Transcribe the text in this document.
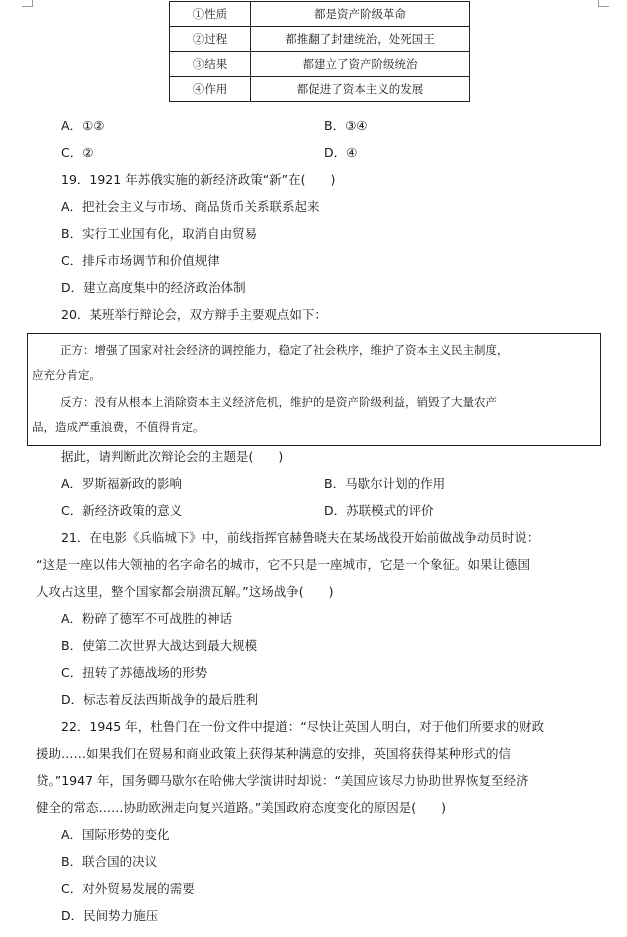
①性质	都是资产阶级革命
②过程	都推翻了封建统治，处死国王
③结果	都建立了资产阶级统治
④作用	都促进了资本主义的发展
A．①②	B．③④
C．②	D．④
19．1921 年苏俄实施的新经济政策“新”在(　　)
A．把社会主义与市场、商品货币关系联系起来
B．实行工业国有化，取消自由贸易
C．排斥市场调节和价值规律
D．建立高度集中的经济政治体制
20．某班举行辩论会，双方辩手主要观点如下：
正方：增强了国家对社会经济的调控能力，稳定了社会秩序，维护了资本主义民主制度，
应充分肯定。
反方：没有从根本上消除资本主义经济危机，维护的是资产阶级利益，销毁了大量农产
品，造成严重浪费，不值得肯定。
据此，请判断此次辩论会的主题是(　　)
A．罗斯福新政的影响	B．马歇尔计划的作用
C．新经济政策的意义	D．苏联模式的评价
21．在电影《兵临城下》中，前线指挥官赫鲁晓夫在某场战役开始前做战争动员时说：
“这是一座以伟大领袖的名字命名的城市，它不只是一座城市，它是一个象征。如果让德国
人攻占这里，整个国家都会崩溃瓦解。”这场战争(　　)
A．粉碎了德军不可战胜的神话
B．使第二次世界大战达到最大规模
C．扭转了苏德战场的形势
D．标志着反法西斯战争的最后胜利
22．1945 年，杜鲁门在一份文件中提道：“尽快让英国人明白，对于他们所要求的财政
援助……如果我们在贸易和商业政策上获得某种满意的安排，英国将获得某种形式的信
贷。”1947 年，国务卿马歇尔在哈佛大学演讲时却说：“美国应该尽力协助世界恢复至经济
健全的常态……协助欧洲走向复兴道路。”美国政府态度变化的原因是(　　)
A．国际形势的变化
B．联合国的决议
C．对外贸易发展的需要
D．民间势力施压
